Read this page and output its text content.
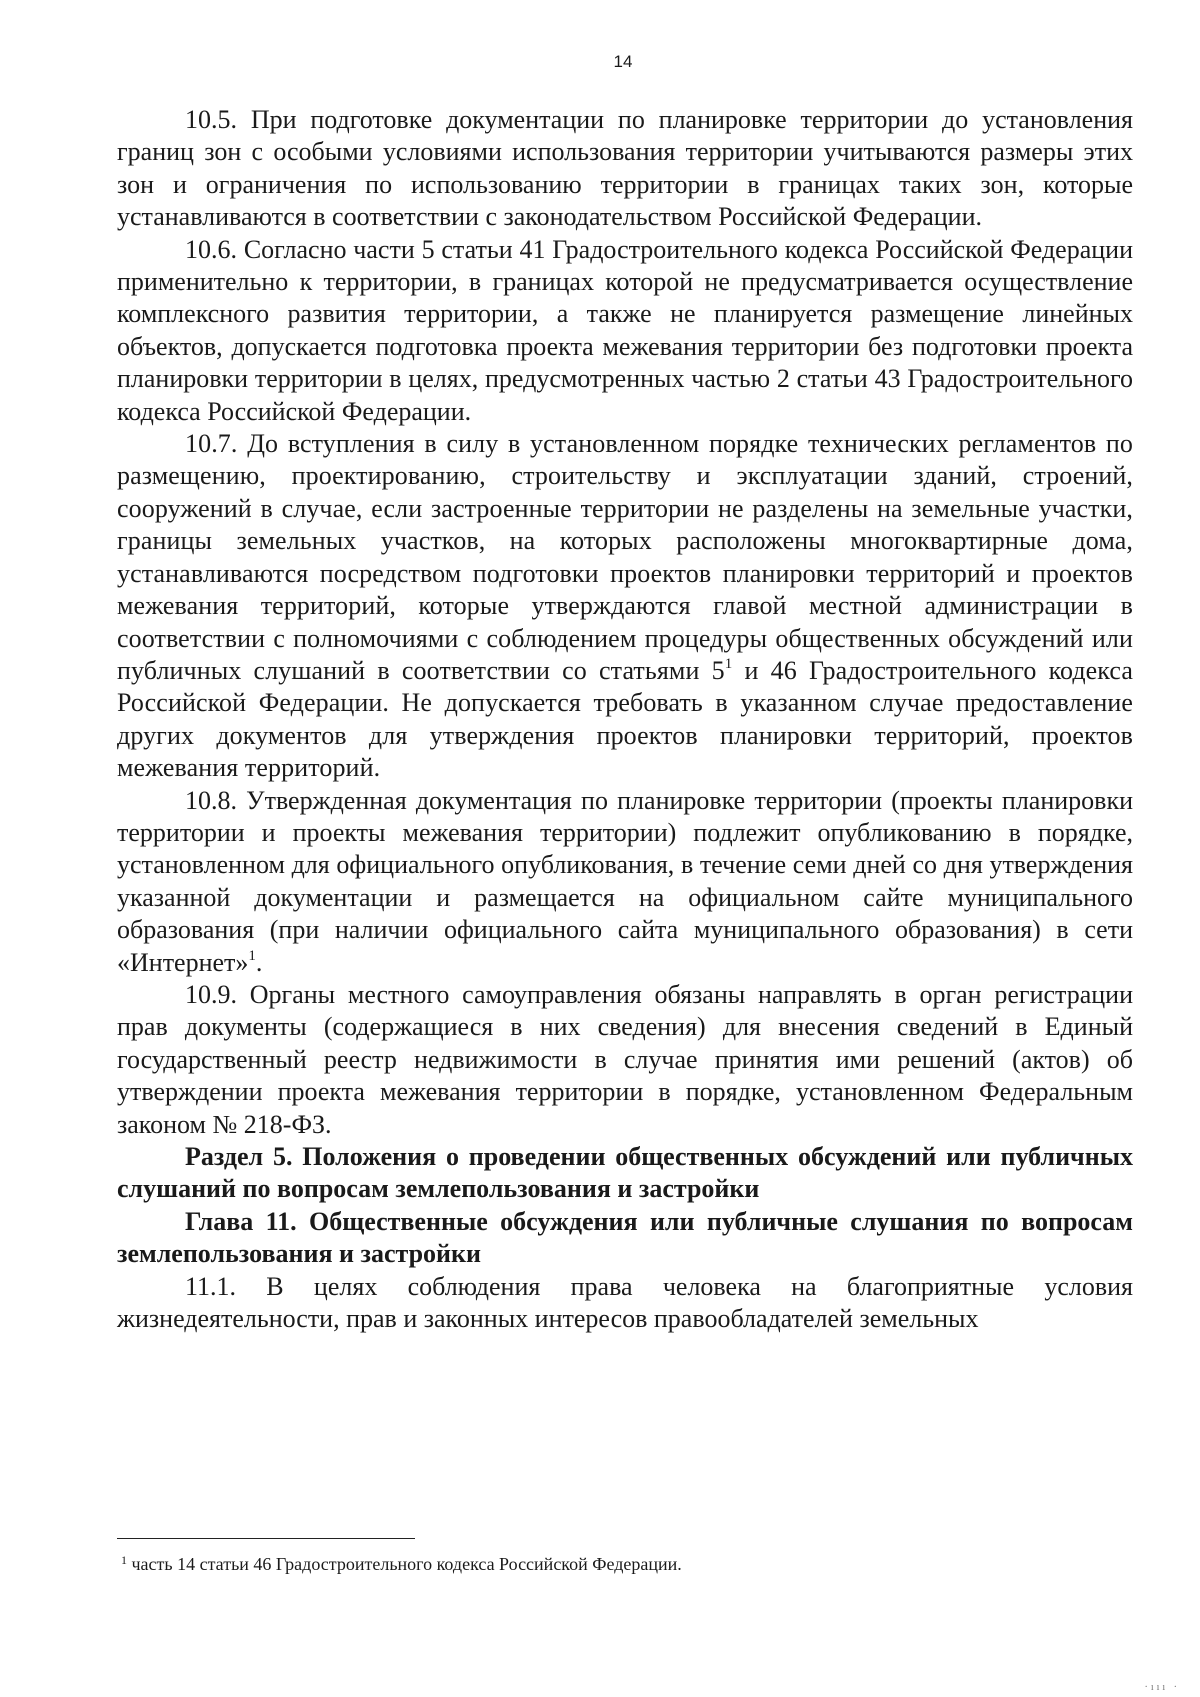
14

10.5. При подготовке документации по планировке территории до установления границ зон с особыми условиями использования территории учитываются размеры этих зон и ограничения по использованию территории в границах таких зон, которые устанавливаются в соответствии с законодательством Российской Федерации.

10.6. Согласно части 5 статьи 41 Градостроительного кодекса Российской Федерации применительно к территории, в границах которой не предусматривается осуществление комплексного развития территории, а также не планируется размещение линейных объектов, допускается подготовка проекта межевания территории без подготовки проекта планировки территории в целях, предусмотренных частью 2 статьи 43 Градостроительного кодекса Российской Федерации.

10.7. До вступления в силу в установленном порядке технических регламентов по размещению, проектированию, строительству и эксплуатации зданий, строений, сооружений в случае, если застроенные территории не разделены на земельные участки, границы земельных участков, на которых расположены многоквартирные дома, устанавливаются посредством подготовки проектов планировки территорий и проектов межевания территорий, которые утверждаются главой местной администрации в соответствии с полномочиями с соблюдением процедуры общественных обсуждений или публичных слушаний в соответствии со статьями $5^1$ и 46 Градостроительного кодекса Российской Федерации. Не допускается требовать в указанном случае предоставление других документов для утверждения проектов планировки территорий, проектов межевания территорий.

10.8. Утвержденная документация по планировке территории (проекты планировки территории и проекты межевания территории) подлежит опубликованию в порядке, установленном для официального опубликования, в течение семи дней со дня утверждения указанной документации и размещается на официальном сайте муниципального образования (при наличии официального сайта муниципального образования) в сети «Интернет»$^1$.

10.9. Органы местного самоуправления обязаны направлять в орган регистрации прав документы (содержащиеся в них сведения) для внесения сведений в Единый государственный реестр недвижимости в случае принятия ими решений (актов) об утверждении проекта межевания территории в порядке, установленном Федеральным законом № 218-ФЗ.

Раздел 5. Положения о проведении общественных обсуждений или публичных слушаний по вопросам землепользования и застройки

Глава 11. Общественные обсуждения или публичные слушания по вопросам землепользования и застройки

11.1. В целях соблюдения права человека на благоприятные условия жизнедеятельности, прав и законных интересов правообладателей земельных

$^1$ часть 14 статьи 46 Градостроительного кодекса Российской Федерации.
·ııı ·
